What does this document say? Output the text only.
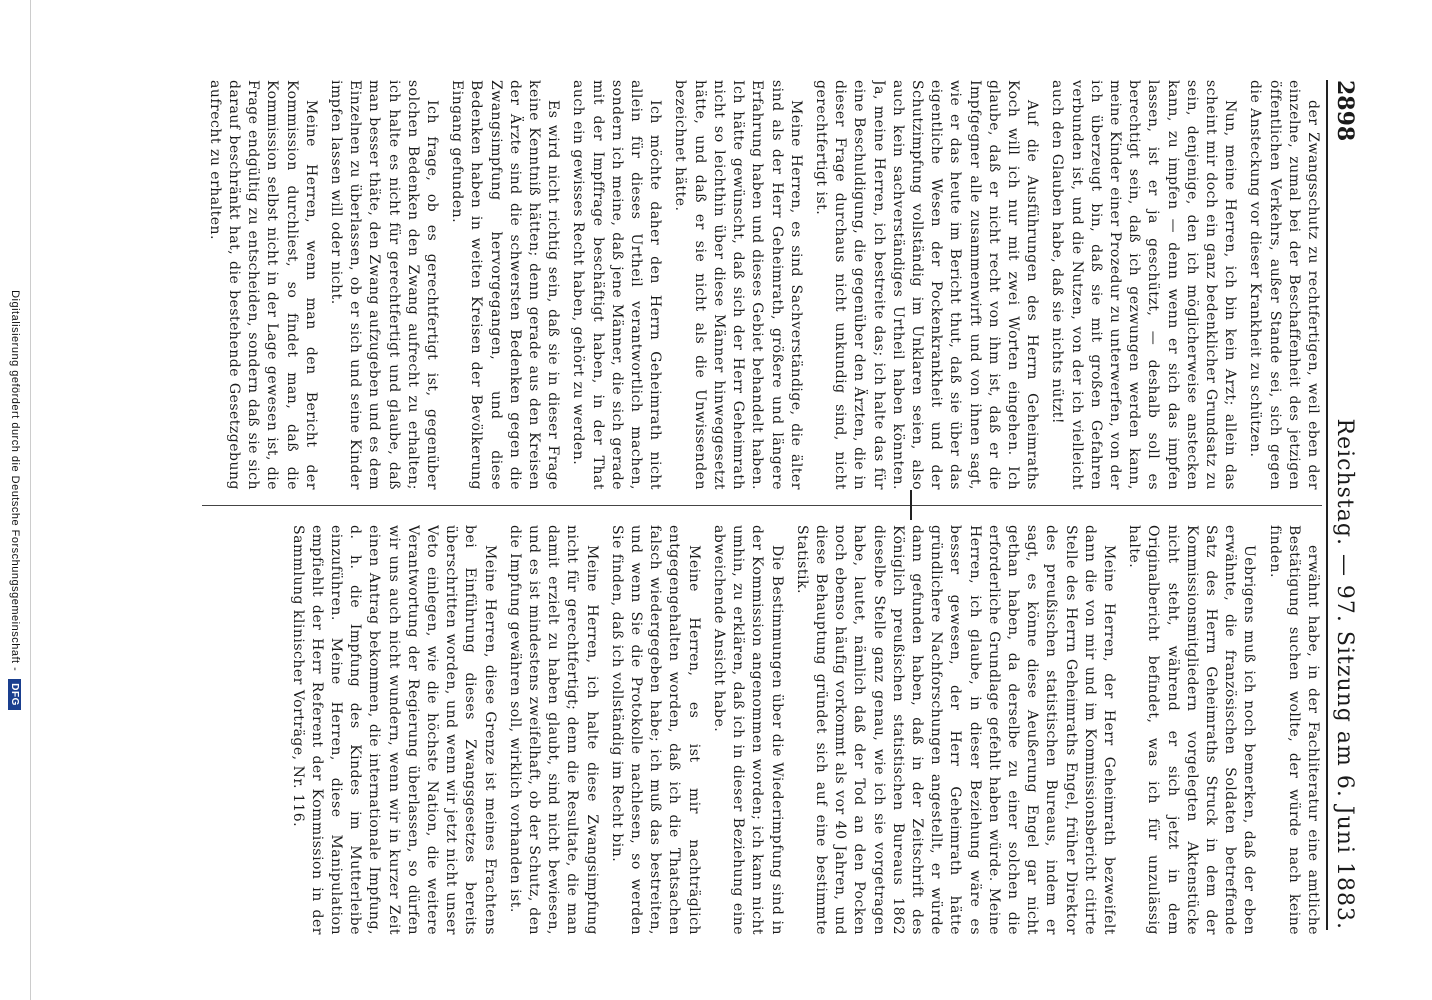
2898
Reichstag. — 97. Sitzung am 6. Juni 1883.

der Zwangsschutz zu rechtfertigen, weil eben der einzelne, zumal bei der Beschaffenheit des jetzigen öffentlichen Verkehrs, außer Stande sei, sich gegen die Ansteckung vor dieser Krankheit zu schützen.

Nun, meine Herren, ich bin kein Arzt; allein das scheint mir doch ein ganz bedenklicher Grundsatz zu sein, denjenige, den ich möglicherweise anstecken kann, zu impfen — denn wenn er sich das impfen lassen, ist er ja geschützt, — deshalb soll es berechtigt sein, daß ich gezwungen werden kann, meine Kinder einer Prozedur zu unterwerfen, von der ich überzeugt bin, daß sie mit großen Gefahren verbunden ist, und die Nutzen, von der ich vielleicht auch den Glauben habe, daß sie nichts nützt!

Auf die Ausführungen des Herrn Geheimraths Koch will ich nur mit zwei Worten eingehen. Ich glaube, daß er nicht recht von ihm ist, daß er die Impfgegner alle zusammenwirft und von ihnen sagt, wie er das heute im Bericht thut, daß sie über das eigentliche Wesen der Pockenkrankheit und der Schutzimpfung vollständig im Unklaren seien, also auch kein sachverständiges Urtheil haben könnten. Ja, meine Herren, ich bestreite das; ich halte das für eine Beschuldigung, die gegenüber den Ärzten, die in dieser Frage durchaus nicht unkundig sind, nicht gerechtfertigt ist.

Meine Herren, es sind Sachverständige, die älter sind als der Herr Geheimrath, größere und längere Erfahrung haben und dieses Gebiet behandelt haben. Ich hätte gewünscht, daß sich der Herr Geheimrath nicht so leichthin über diese Männer hinweggesetzt hätte, und daß er sie nicht als die Unwissenden bezeichnet hätte.

Ich möchte daher den Herrn Geheimrath nicht allein für dieses Urtheil verantwortlich machen, sondern ich meine, daß jene Männer, die sich gerade mit der Impffrage beschäftigt haben, in der That auch ein gewisses Recht haben, gehört zu werden.

Es wird nicht richtig sein, daß sie in dieser Frage keine Kenntniß hätten; denn gerade aus den Kreisen der Ärzte sind die schwersten Bedenken gegen die Zwangsimpfung hervorgegangen, und diese Bedenken haben in weiten Kreisen der Bevölkerung Eingang gefunden.

Ich frage, ob es gerechtfertigt ist, gegenüber solchen Bedenken den Zwang aufrecht zu erhalten; ich halte es nicht für gerechtfertigt und glaube, daß man besser thäte, den Zwang aufzugeben und es dem Einzelnen zu überlassen, ob er sich und seine Kinder impfen lassen will oder nicht.

Meine Herren, wenn man den Bericht der Kommission durchliest, so findet man, daß die Kommission selbst nicht in der Lage gewesen ist, die Frage endgültig zu entscheiden, sondern daß sie sich darauf beschränkt hat, die bestehende Gesetzgebung aufrecht zu erhalten.

erwähnt habe, in der Fachliteratur eine amtliche Bestätigung suchen wollte, der würde nach keine finden.

Uebrigens muß ich noch bemerken, daß der eben erwähnte, die französischen Soldaten betreffende Satz des Herrn Geheimraths Struck in dem der Kommissionsmitgliedern vorgelegten Aktenstücke nicht steht, während er sich jetzt in dem Originalbericht befindet, was ich für unzulässig halte.

Meine Herren, der Herr Geheimrath bezweifelt dann die von mir und im Kommissionsbericht citirte Stelle des Herrn Geheimraths Engel, früher Direktor des preußischen statistischen Bureaus, indem er sagt, es könne diese Aeußerung Engel gar nicht gethan haben, da derselbe zu einer solchen die erforderliche Grundlage gefehlt haben würde. Meine Herren, ich glaube, in dieser Beziehung wäre es besser gewesen, der Herr Geheimrath hätte gründlichere Nachforschungen angestellt, er würde dann gefunden haben, daß in der Zeitschrift des Königlich preußischen statistischen Bureaus 1862 dieselbe Stelle ganz genau, wie ich sie vorgetragen habe, lautet, nämlich daß der Tod an den Pocken noch ebenso häufig vorkommt als vor 40 Jahren, und diese Behauptung gründet sich auf eine bestimmte Statistik.

Die Bestimmungen über die Wiederimpfung sind in der Kommission angenommen worden; ich kann nicht umhin, zu erklären, daß ich in dieser Beziehung eine abweichende Ansicht habe.

Meine Herren, es ist mir nachträglich entgegengehalten worden, daß ich die Thatsachen falsch wiedergegeben habe; ich muß das bestreiten, und wenn Sie die Protokolle nachlesen, so werden Sie finden, daß ich vollständig im Recht bin.

Meine Herren, ich halte diese Zwangsimpfung nicht für gerechtfertigt; denn die Resultate, die man damit erzielt zu haben glaubt, sind nicht bewiesen, und es ist mindestens zweifelhaft, ob der Schutz, den die Impfung gewähren soll, wirklich vorhanden ist.

Meine Herren, diese Grenze ist meines Erachtens bei Einführung dieses Zwangsgesetzes bereits überschritten worden, und wenn wir jetzt nicht unser Veto einlegen, wie die höchste Nation, die weitere Verantwortung der Regierung überlassen, so dürfen wir uns auch nicht wundern, wenn wir in kurzer Zeit einen Antrag bekommen, die internationale Impfung, d. h. die Impfung des Kindes im Mutterleibe einzuführen. Meine Herren, diese Manipulation empfiehlt der Herr Referent der Kommission in der Sammlung klinischer Vorträge, Nr. 116.

Digitalisierung gefördert durch die Deutsche Forschungsgemeinschaft -
DFG
